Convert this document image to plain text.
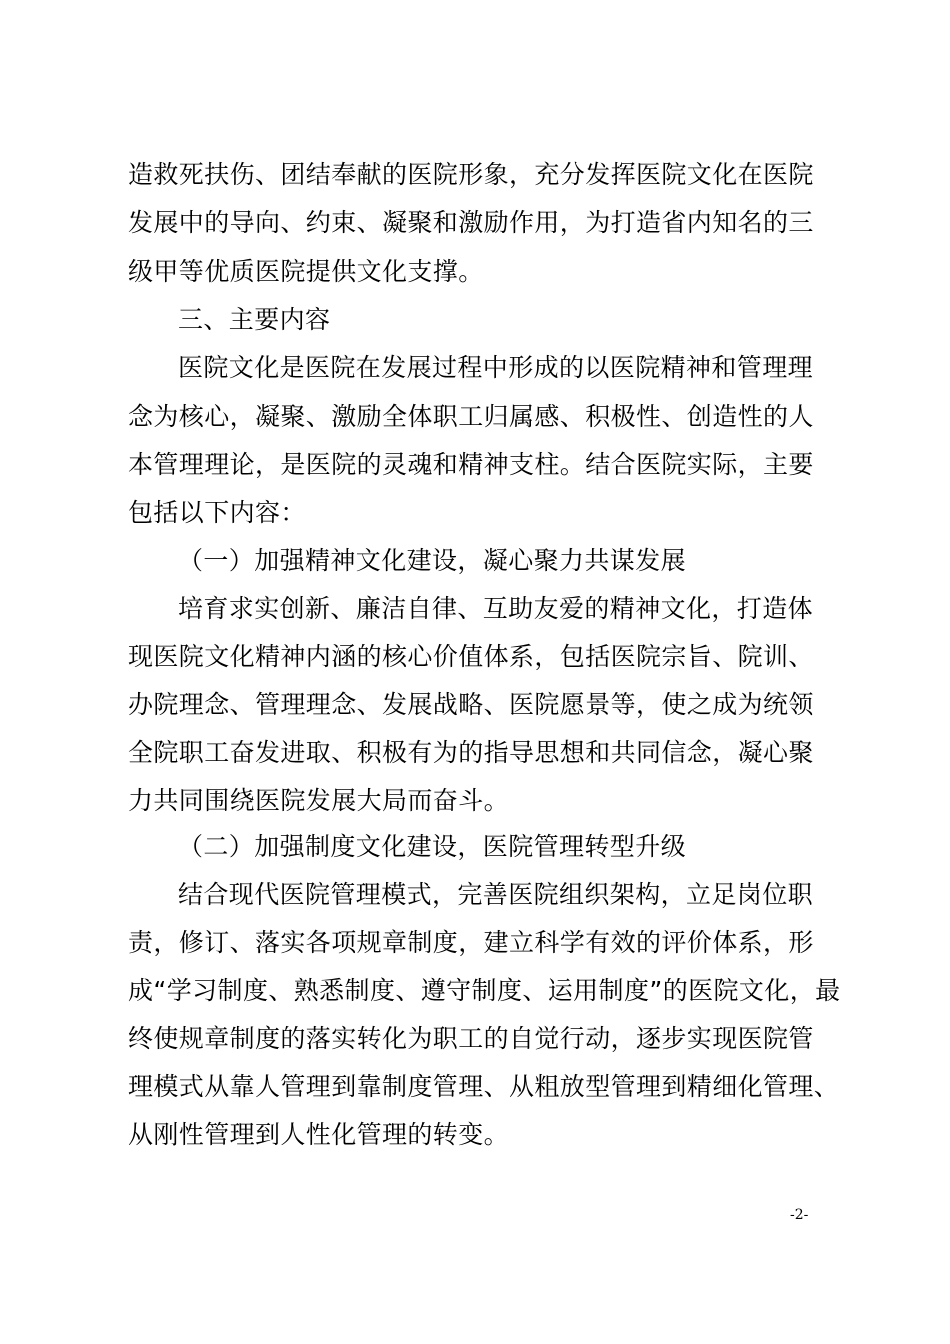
造救死扶伤、团结奉献的医院形象，充分发挥医院文化在医院
发展中的导向、约束、凝聚和激励作用，为打造省内知名的三
级甲等优质医院提供文化支撑。
三、主要内容
医院文化是医院在发展过程中形成的以医院精神和管理理
念为核心，凝聚、激励全体职工归属感、积极性、创造性的人
本管理理论，是医院的灵魂和精神支柱。结合医院实际，主要
包括以下内容：
（一）加强精神文化建设，凝心聚力共谋发展
培育求实创新、廉洁自律、互助友爱的精神文化，打造体
现医院文化精神内涵的核心价值体系，包括医院宗旨、院训、
办院理念、管理理念、发展战略、医院愿景等，使之成为统领
全院职工奋发进取、积极有为的指导思想和共同信念，凝心聚
力共同围绕医院发展大局而奋斗。
（二）加强制度文化建设，医院管理转型升级
结合现代医院管理模式，完善医院组织架构，立足岗位职
责，修订、落实各项规章制度，建立科学有效的评价体系，形
成“学习制度、熟悉制度、遵守制度、运用制度”的医院文化，最
终使规章制度的落实转化为职工的自觉行动，逐步实现医院管
理模式从靠人管理到靠制度管理、从粗放型管理到精细化管理、
从刚性管理到人性化管理的转变。
-2-
